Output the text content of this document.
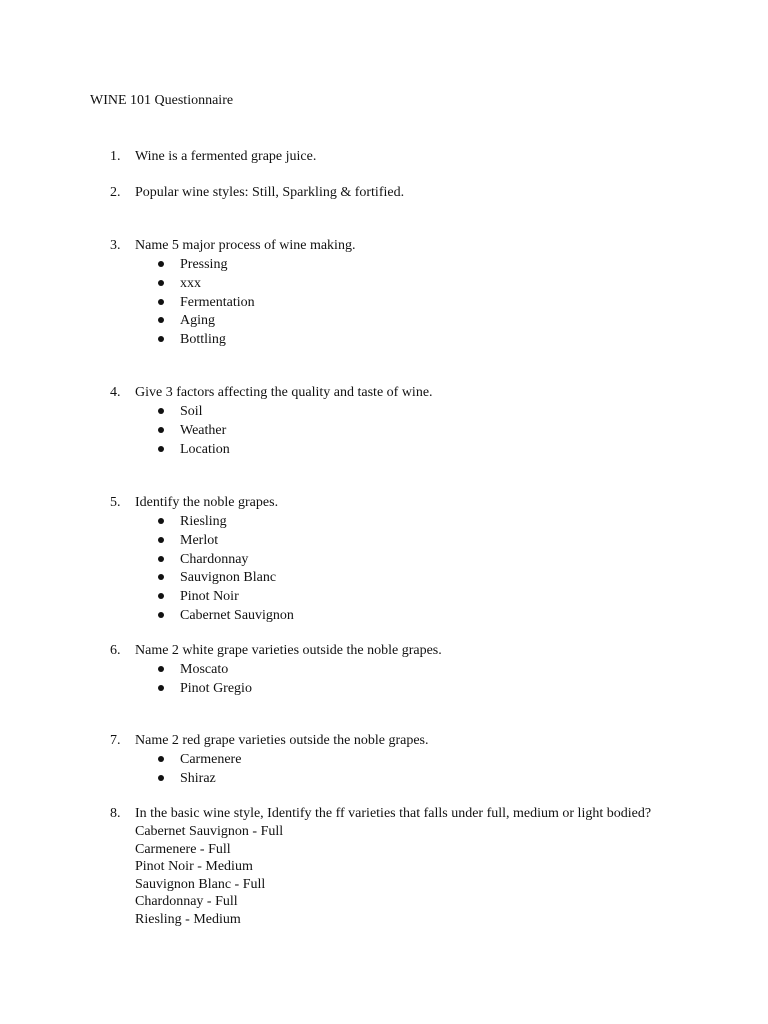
WINE 101 Questionnaire
1.	Wine is a fermented grape juice.
2.	Popular wine styles: Still, Sparkling & fortified.
3.	Name 5 major process of wine making.
Pressing
xxx
Fermentation
Aging
Bottling
4.	Give 3 factors affecting the quality and taste of wine.
Soil
Weather
Location
5.	Identify the noble grapes.
Riesling
Merlot
Chardonnay
Sauvignon Blanc
Pinot Noir
Cabernet Sauvignon
6.	Name 2 white grape varieties outside the noble grapes.
Moscato
Pinot Gregio
7.	Name 2 red grape varieties outside the noble grapes.
Carmenere
Shiraz
8.	In the basic wine style, Identify the ff varieties that falls under full, medium or light bodied?
Cabernet Sauvignon - Full
Carmenere - Full
Pinot Noir - Medium
Sauvignon Blanc - Full
Chardonnay - Full
Riesling - Medium
